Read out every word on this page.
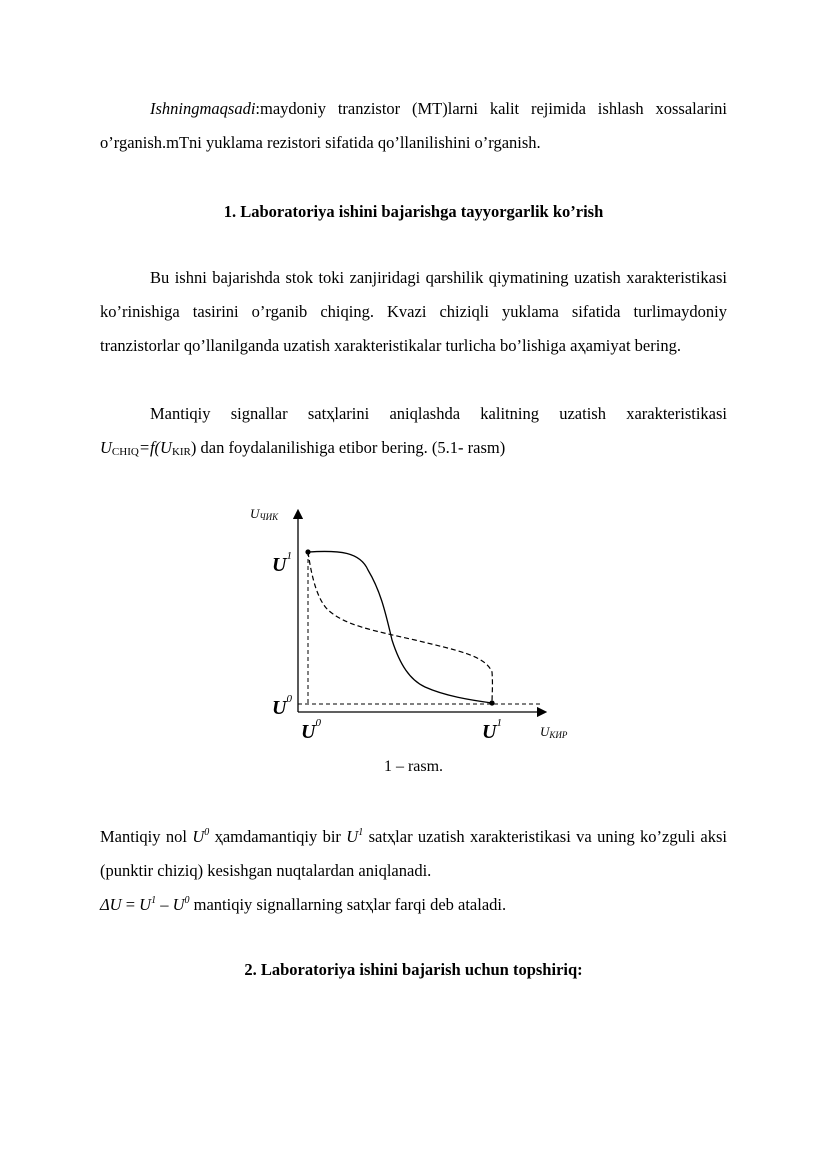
Ishningmaqsadi:maydoniy tranzistor (MT)larni kalit rejimida ishlash xossalarini o’rganish.mTni yuklama rezistori sifatida qo’llanilishini o’rganish.

1. Laboratoriya ishini bajarishga tayyorgarlik ko’rish

Bu ishni bajarishda stok toki zanjiridagi qarshilik qiymatining uzatish xarakteristikasi ko’rinishiga tasirini o’rganib chiqing. Kvazi chiziqli yuklama sifatida turlimaydoniy tranzistorlar qo’llanilganda uzatish xarakteristikalar turlicha bo’lishiga aҳamiyat bering.

Mantiqiy signallar satҳlarini aniqlashda kalitning uzatish xarakteristikasi $U_{CHIQ}=f(U_{KIR})$ dan foydalanilishiga etibor bering. (5.1- rasm)

UЧИК
UКИР
$U^1$
$U^0$
$U^0$	$U^1$
1 – rasm.

Mantiqiy nol $U^0$ ҳamdamantiqiy bir $U^1$ satҳlar uzatish xarakteristikasi va uning ko’zguli aksi (punktir chiziq) kesishgan nuqtalardan aniqlanadi.

$\Delta U = U^1 - U^0$ mantiqiy signallarning satҳlar farqi deb ataladi.

2. Laboratoriya ishini bajarish uchun topshiriq:
